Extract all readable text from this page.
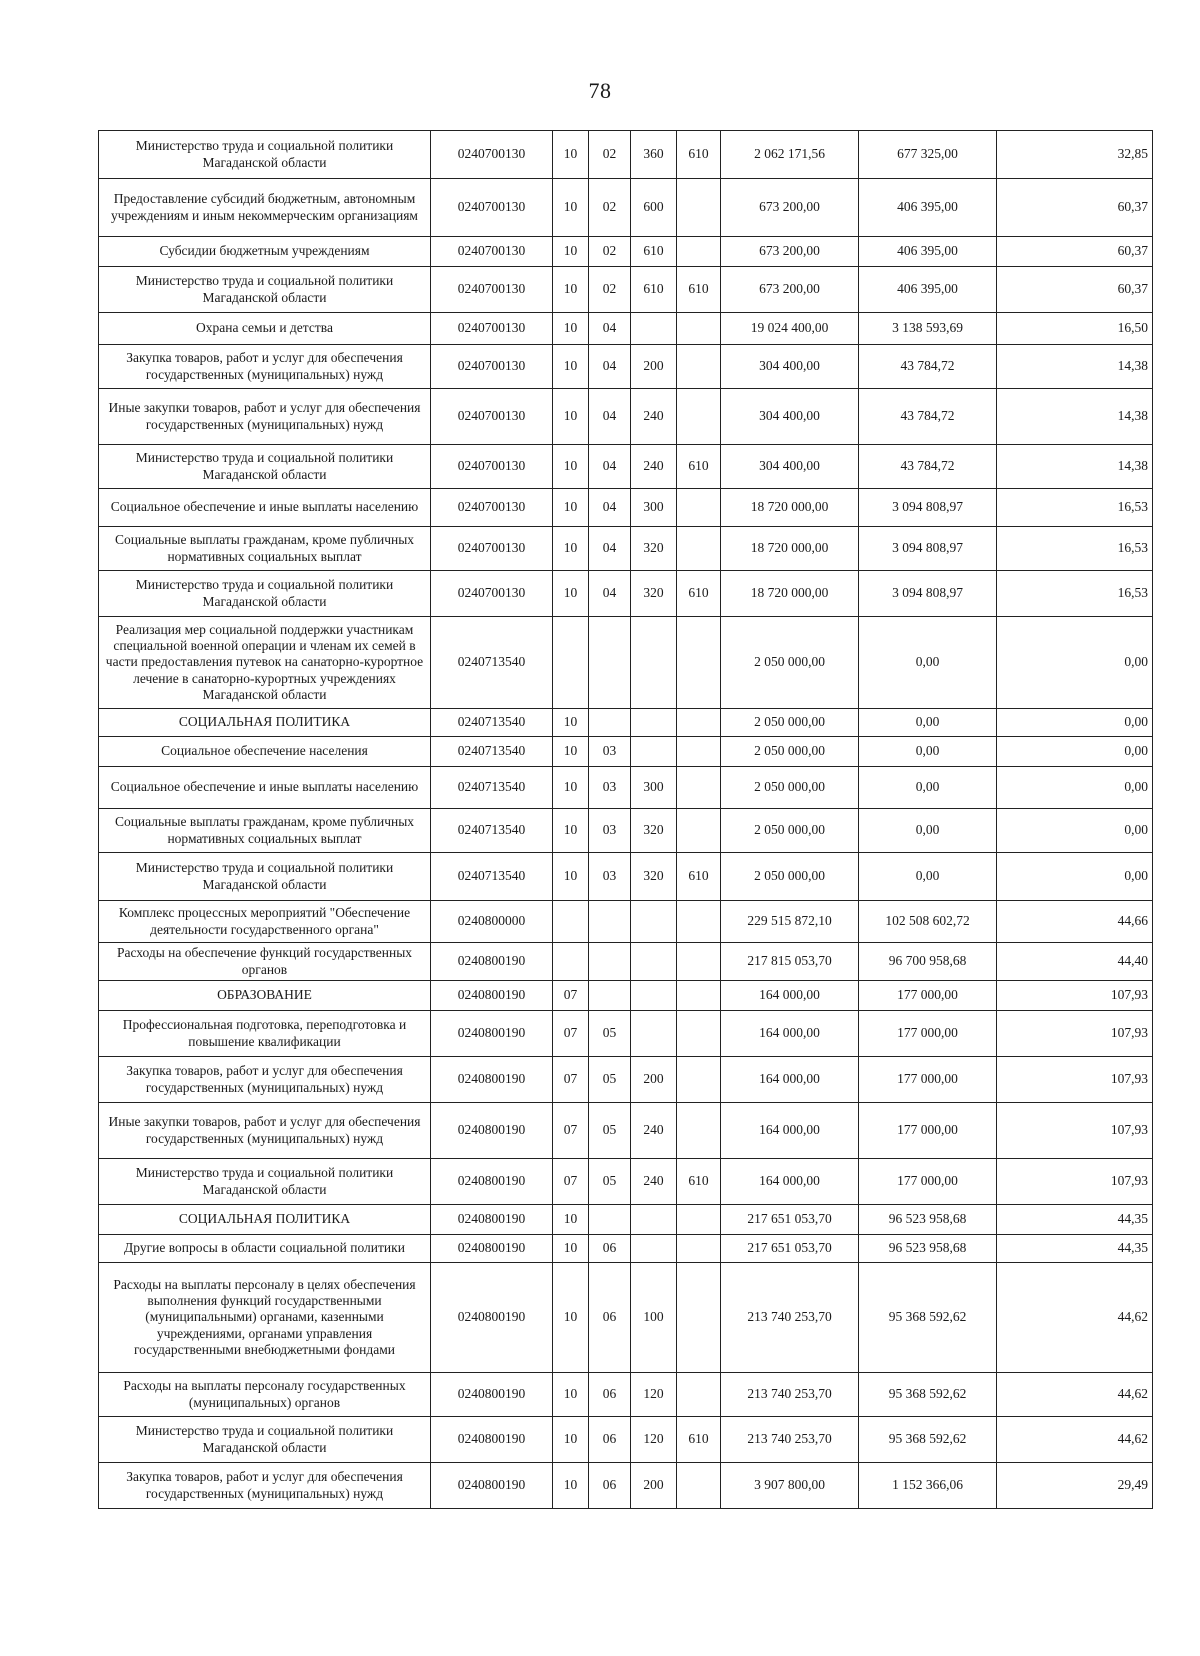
78
Министерство труда и социальной политики Магаданской области	0240700130	10	02	360	610	2 062 171,56	677 325,00	32,85
Предоставление субсидий бюджетным, автономным учреждениям и иным некоммерческим организациям	0240700130	10	02	600		673 200,00	406 395,00	60,37
Субсидии бюджетным учреждениям	0240700130	10	02	610		673 200,00	406 395,00	60,37
Министерство труда и социальной политики Магаданской области	0240700130	10	02	610	610	673 200,00	406 395,00	60,37
Охрана семьи и детства	0240700130	10	04			19 024 400,00	3 138 593,69	16,50
Закупка товаров, работ и услуг для обеспечения государственных (муниципальных) нужд	0240700130	10	04	200		304 400,00	43 784,72	14,38
Иные закупки товаров, работ и услуг для обеспечения государственных (муниципальных) нужд	0240700130	10	04	240		304 400,00	43 784,72	14,38
Министерство труда и социальной политики Магаданской области	0240700130	10	04	240	610	304 400,00	43 784,72	14,38
Социальное обеспечение и иные выплаты населению	0240700130	10	04	300		18 720 000,00	3 094 808,97	16,53
Социальные выплаты гражданам, кроме публичных нормативных социальных выплат	0240700130	10	04	320		18 720 000,00	3 094 808,97	16,53
Министерство труда и социальной политики Магаданской области	0240700130	10	04	320	610	18 720 000,00	3 094 808,97	16,53
Реализация мер социальной поддержки участникам специальной военной операции и членам их семей в части предоставления путевок на санаторно-курортное лечение в санаторно-курортных учреждениях Магаданской области	0240713540					2 050 000,00	0,00	0,00
СОЦИАЛЬНАЯ ПОЛИТИКА	0240713540	10				2 050 000,00	0,00	0,00
Социальное обеспечение населения	0240713540	10	03			2 050 000,00	0,00	0,00
Социальное обеспечение и иные выплаты населению	0240713540	10	03	300		2 050 000,00	0,00	0,00
Социальные выплаты гражданам, кроме публичных нормативных социальных выплат	0240713540	10	03	320		2 050 000,00	0,00	0,00
Министерство труда и социальной политики Магаданской области	0240713540	10	03	320	610	2 050 000,00	0,00	0,00
Комплекс процессных мероприятий "Обеспечение деятельности государственного органа"	0240800000					229 515 872,10	102 508 602,72	44,66
Расходы на обеспечение функций государственных органов	0240800190					217 815 053,70	96 700 958,68	44,40
ОБРАЗОВАНИЕ	0240800190	07				164 000,00	177 000,00	107,93
Профессиональная подготовка, переподготовка и повышение квалификации	0240800190	07	05			164 000,00	177 000,00	107,93
Закупка товаров, работ и услуг для обеспечения государственных (муниципальных) нужд	0240800190	07	05	200		164 000,00	177 000,00	107,93
Иные закупки товаров, работ и услуг для обеспечения государственных (муниципальных) нужд	0240800190	07	05	240		164 000,00	177 000,00	107,93
Министерство труда и социальной политики Магаданской области	0240800190	07	05	240	610	164 000,00	177 000,00	107,93
СОЦИАЛЬНАЯ ПОЛИТИКА	0240800190	10				217 651 053,70	96 523 958,68	44,35
Другие вопросы в области социальной политики	0240800190	10	06			217 651 053,70	96 523 958,68	44,35
Расходы на выплаты персоналу в целях обеспечения выполнения функций государственными (муниципальными) органами, казенными учреждениями, органами управления государственными внебюджетными фондами	0240800190	10	06	100		213 740 253,70	95 368 592,62	44,62
Расходы на выплаты персоналу государственных (муниципальных) органов	0240800190	10	06	120		213 740 253,70	95 368 592,62	44,62
Министерство труда и социальной политики Магаданской области	0240800190	10	06	120	610	213 740 253,70	95 368 592,62	44,62
Закупка товаров, работ и услуг для обеспечения государственных (муниципальных) нужд	0240800190	10	06	200		3 907 800,00	1 152 366,06	29,49
